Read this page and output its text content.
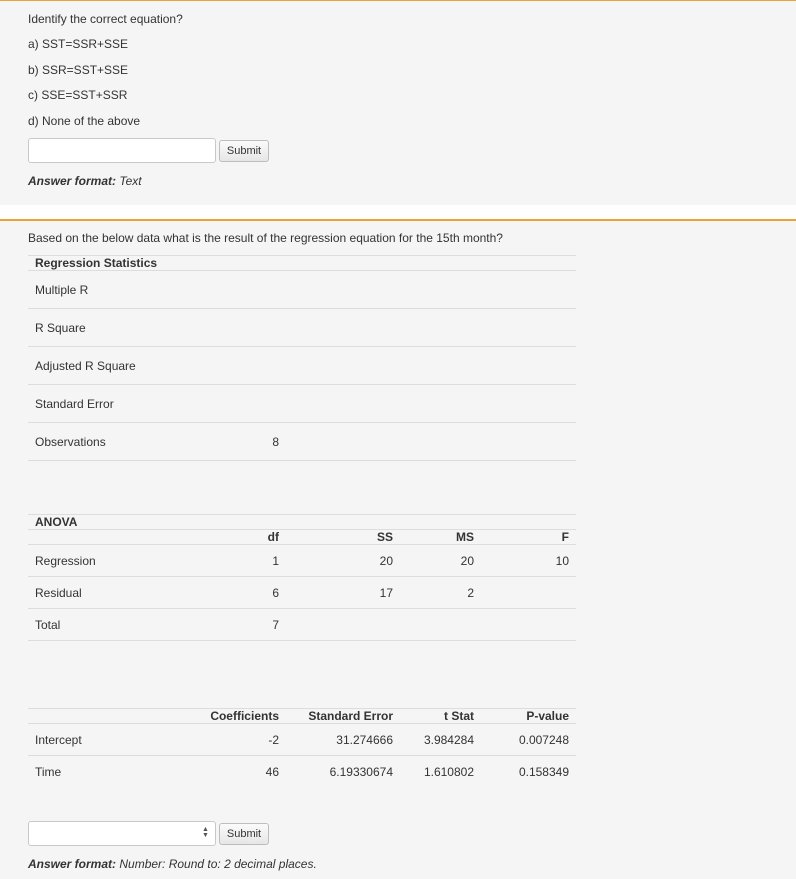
Identify the correct equation?
a) SST=SSR+SSE
b) SSR=SST+SSE
c) SSE=SST+SSR
d) None of the above
Submit
Answer format: Text
Based on the below data what is the result of the regression equation for the 15th month?
Regression Statistics		
Multiple R		
R Square		
Adjusted R Square		
Standard Error		
Observations	8	
ANOVA				
	df	SS	MS	F
Regression	1	20	20	10
Residual	6	17	2	
Total	7			
	Coefficients	Standard Error	t Stat	P-value
Intercept	-2	31.274666	3.984284	0.007248
Time	46	6.19330674	1.610802	0.158349
▲
▼	Submit
Answer format: Number: Round to: 2 decimal places.
